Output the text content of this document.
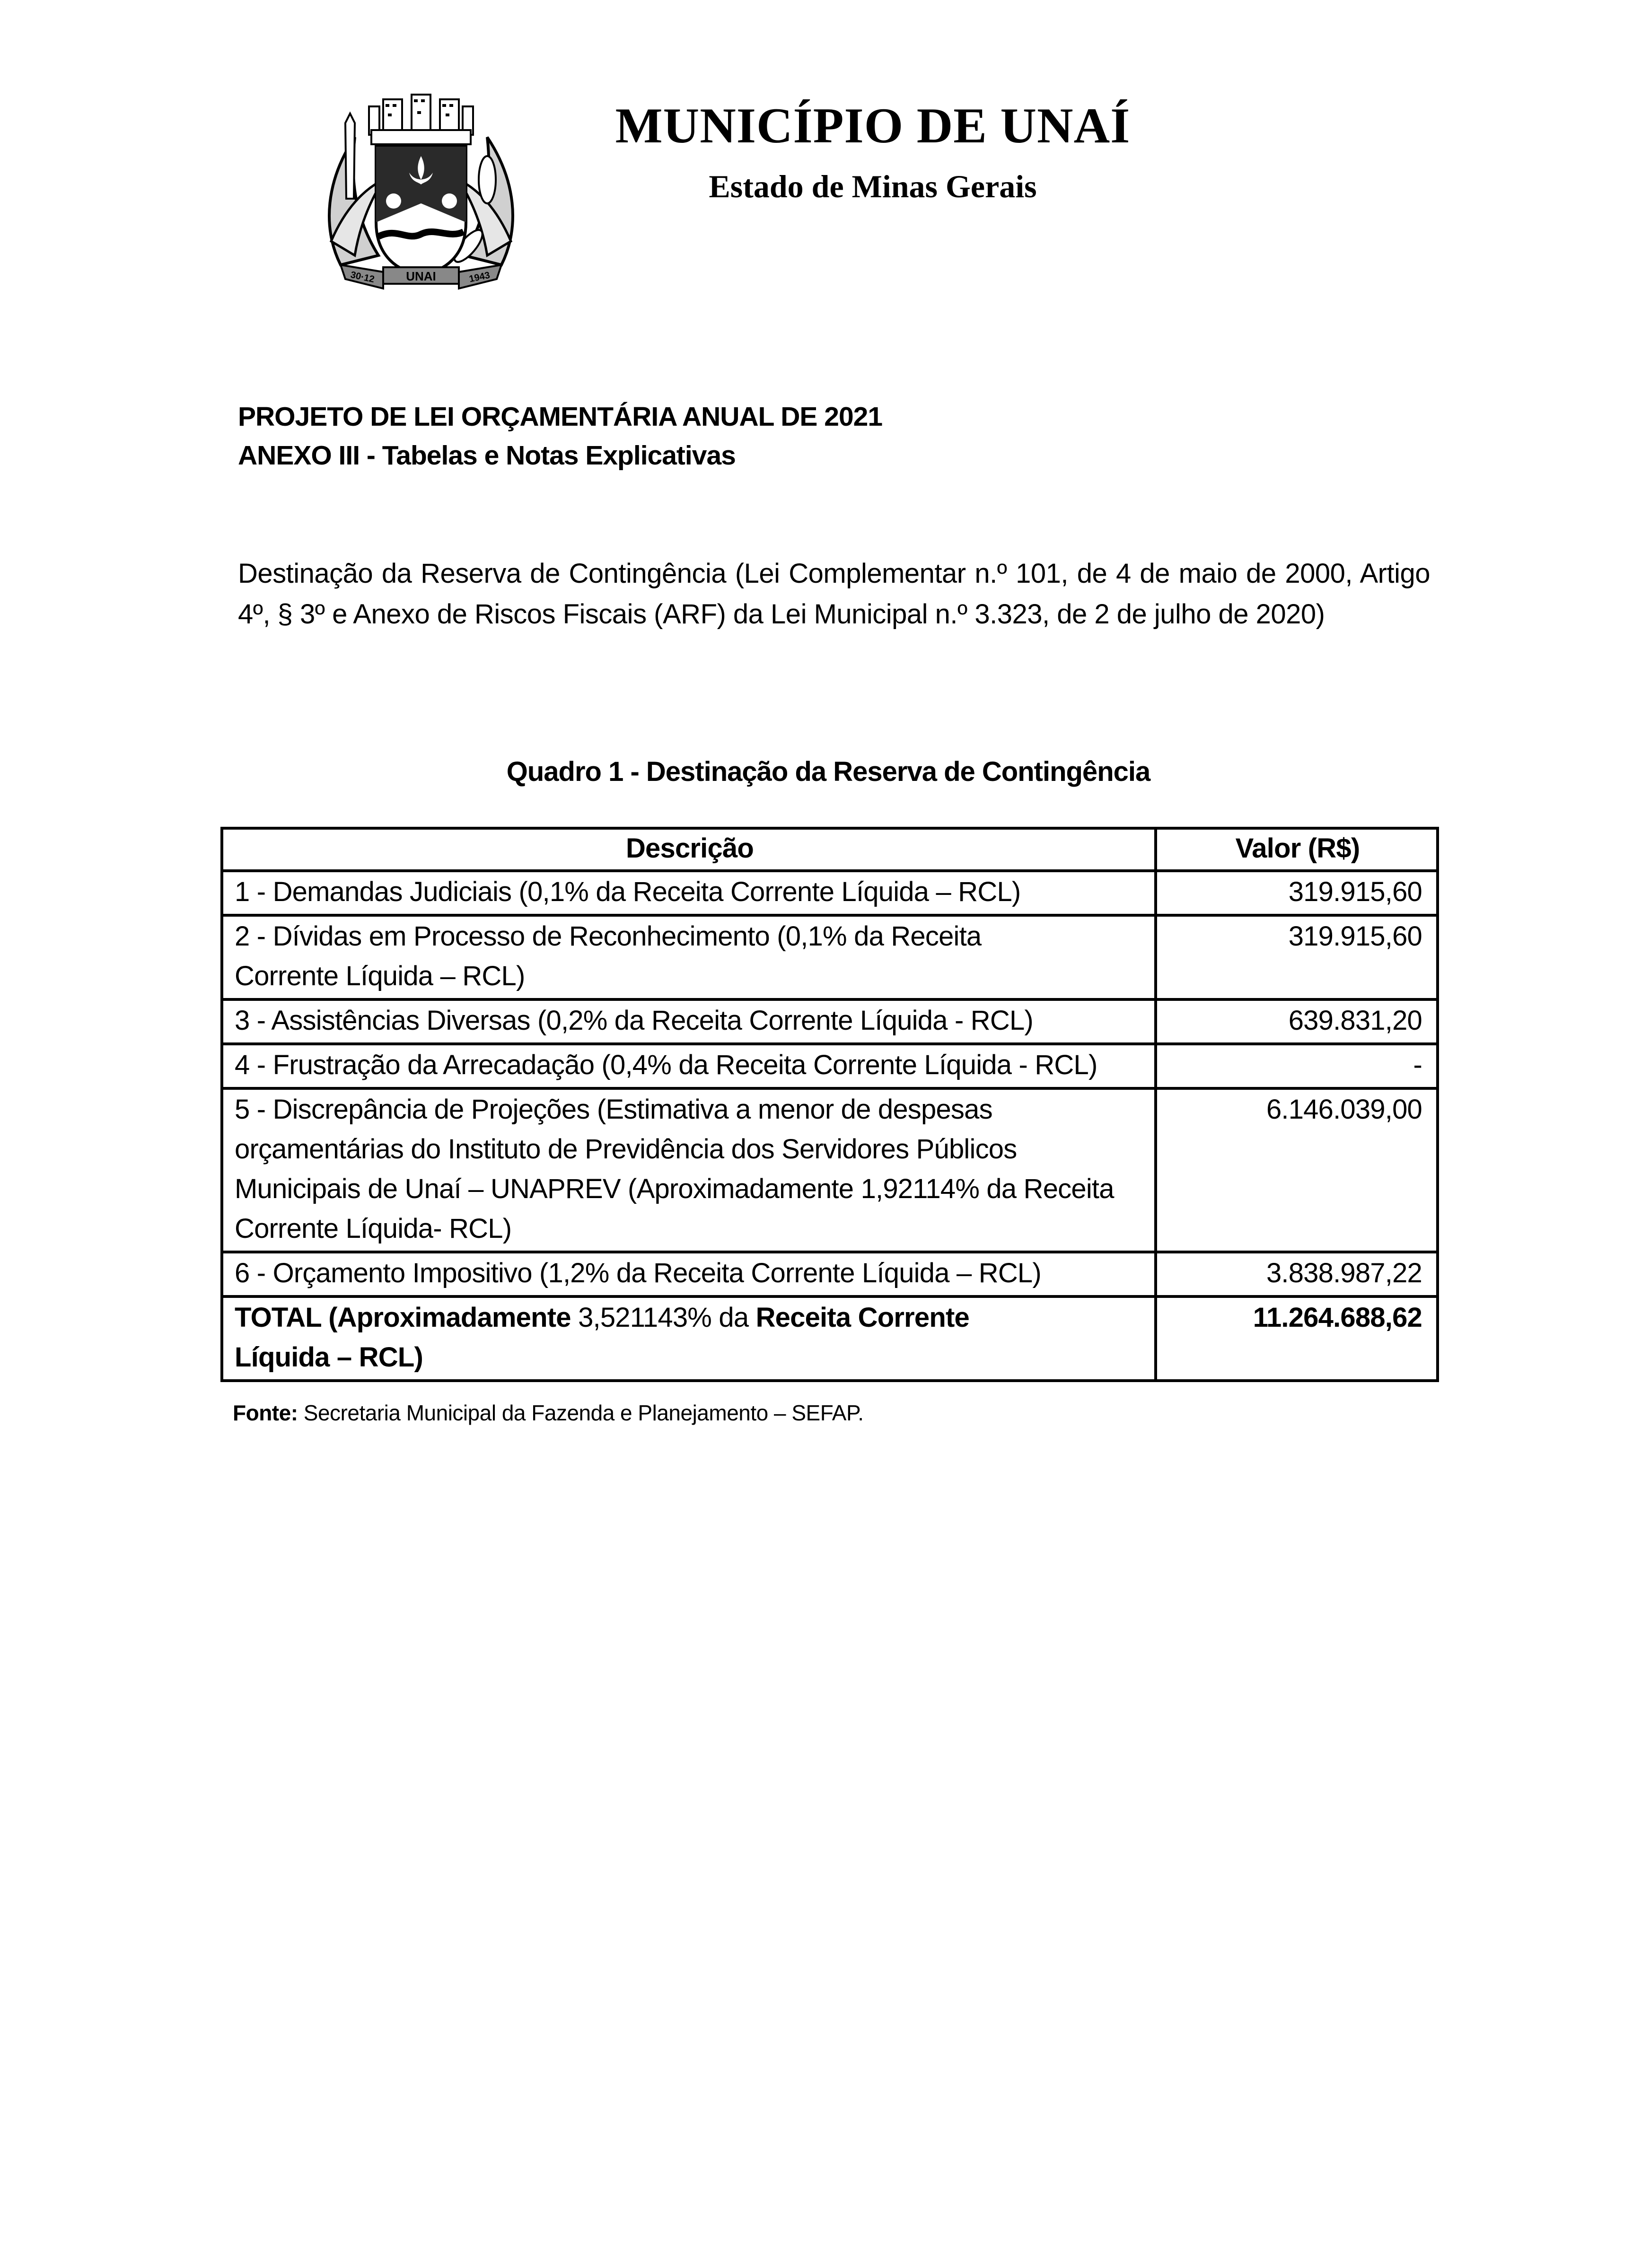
UNAI
30·12	1943
MUNICÍPIO DE UNAÍ
Estado de Minas Gerais
PROJETO DE LEI ORÇAMENTÁRIA ANUAL DE 2021
ANEXO III - Tabelas e Notas Explicativas
Destinação da Reserva de Contingência (Lei Complementar n.º 101, de 4 de maio de 2000, Artigo 4º, § 3º e Anexo de Riscos Fiscais (ARF) da Lei Municipal n.º 3.323, de 2 de julho de 2020)
Quadro 1 - Destinação da Reserva de Contingência
Descrição	Valor (R$)
1 - Demandas Judiciais (0,1% da Receita Corrente Líquida – RCL)	319.915,60
2 - Dívidas em Processo de Reconhecimento (0,1% da Receita Corrente Líquida – RCL)	319.915,60
3 - Assistências Diversas (0,2% da Receita Corrente Líquida - RCL)	639.831,20
4 - Frustração da Arrecadação (0,4% da Receita Corrente Líquida - RCL)	-
5 - Discrepância de Projeções (Estimativa a menor de despesas orçamentárias do Instituto de Previdência dos Servidores Públicos Municipais de Unaí – UNAPREV (Aproximadamente 1,92114% da Receita Corrente Líquida- RCL)	6.146.039,00
6 - Orçamento Impositivo (1,2% da Receita Corrente Líquida – RCL)	3.838.987,22
TOTAL (Aproximadamente 3,521143% da Receita Corrente Líquida – RCL)	11.264.688,62
Fonte: Secretaria Municipal da Fazenda e Planejamento – SEFAP.
